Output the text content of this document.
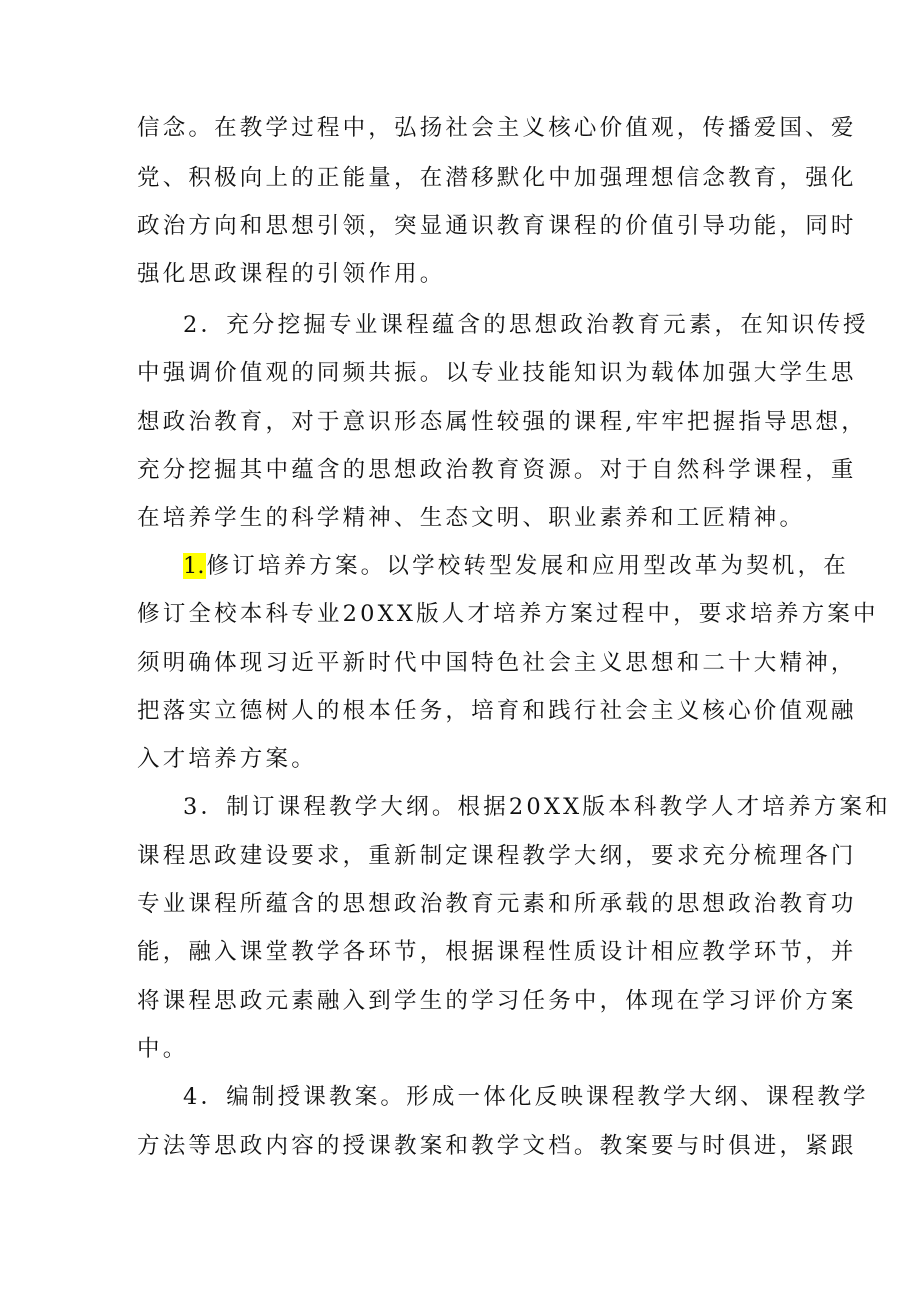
信念。在教学过程中，弘扬社会主义核心价值观，传播爱国、爱
党、积极向上的正能量，在潜移默化中加强理想信念教育，强化
政治方向和思想引领，突显通识教育课程的价值引导功能，同时
强化思政课程的引领作用。
2．充分挖掘专业课程蕴含的思想政治教育元素，在知识传授
中强调价值观的同频共振。以专业技能知识为载体加强大学生思
想政治教育，对于意识形态属性较强的课程,牢牢把握指导思想，
充分挖掘其中蕴含的思想政治教育资源。对于自然科学课程，重
在培养学生的科学精神、生态文明、职业素养和工匠精神。
1.修订培养方案。以学校转型发展和应用型改革为契机，在
修订全校本科专业20XX版人才培养方案过程中，要求培养方案中
须明确体现习近平新时代中国特色社会主义思想和二十大精神，
把落实立德树人的根本任务，培育和践行社会主义核心价值观融
入才培养方案。
3．制订课程教学大纲。根据20XX版本科教学人才培养方案和
课程思政建设要求，重新制定课程教学大纲，要求充分梳理各门
专业课程所蕴含的思想政治教育元素和所承载的思想政治教育功
能，融入课堂教学各环节，根据课程性质设计相应教学环节，并
将课程思政元素融入到学生的学习任务中，体现在学习评价方案
中。
4．编制授课教案。形成一体化反映课程教学大纲、课程教学
方法等思政内容的授课教案和教学文档。教案要与时俱进，紧跟
